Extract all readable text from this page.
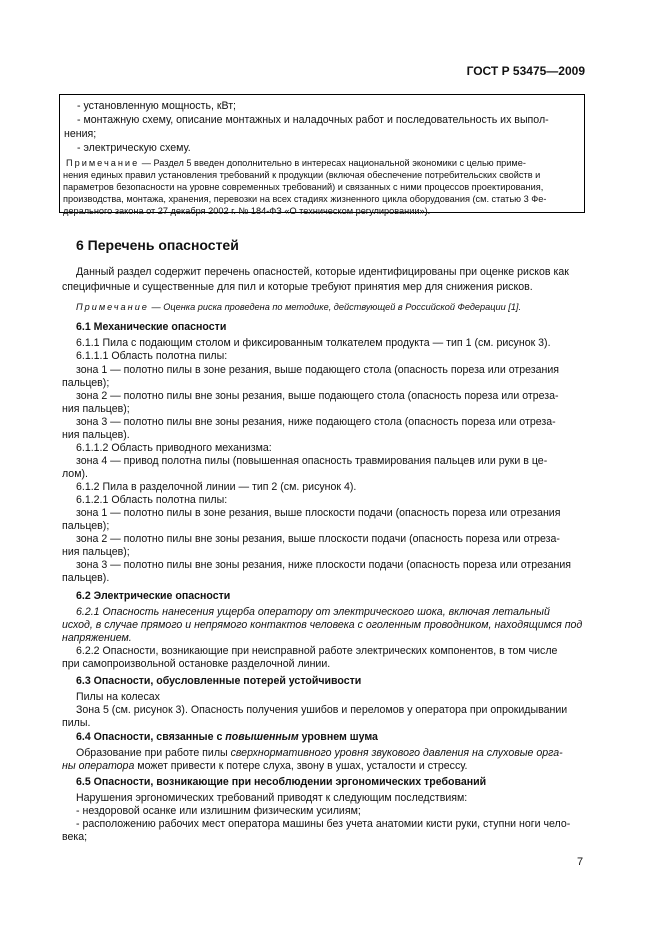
ГОСТ Р 53475—2009
- установленную мощность, кВт;
- монтажную схему, описание монтажных и наладочных работ и последовательность их выпол-
нения;
- электрическую схему.
Примечание — Раздел 5 введен дополнительно в интересах национальной экономики с целью приме-
нения единых правил установления требований к продукции (включая обеспечение потребительских свойств и
параметров безопасности на уровне современных требований) и связанных с ними процессов проектирования,
производства, монтажа, хранения, перевозки на всех стадиях жизненного цикла оборудования (см. статью 3 Фе-
дерального закона от 27 декабря 2002 г. № 184-ФЗ «О техническом регулировании»).
6 Перечень опасностей
Данный раздел содержит перечень опасностей, которые идентифицированы при оценке рисков как
специфичные и существенные для пил и которые требуют принятия мер для снижения рисков.
Примечание — Оценка риска проведена по методике, действующей в Российской Федерации [1].
6.1 Механические опасности
6.1.1 Пила с подающим столом и фиксированным толкателем продукта — тип 1 (см. рисунок 3).
6.1.1.1 Область полотна пилы:
зона 1 — полотно пилы в зоне резания, выше подающего стола (опасность пореза или отрезания
пальцев);
зона 2 — полотно пилы вне зоны резания, выше подающего стола (опасность пореза или отреза-
ния пальцев);
зона 3 — полотно пилы вне зоны резания, ниже подающего стола (опасность пореза или отреза-
ния пальцев).
6.1.1.2 Область приводного механизма:
зона 4 — привод полотна пилы (повышенная опасность травмирования пальцев или руки в це-
лом).
6.1.2 Пила в разделочной линии — тип 2 (см. рисунок 4).
6.1.2.1 Область полотна пилы:
зона 1 — полотно пилы в зоне резания, выше плоскости подачи (опасность пореза или отрезания
пальцев);
зона 2 — полотно пилы вне зоны резания, выше плоскости подачи (опасность пореза или отреза-
ния пальцев);
зона 3 — полотно пилы вне зоны резания, ниже плоскости подачи (опасность пореза или отрезания
пальцев).
6.2 Электрические опасности
6.2.1 Опасность нанесения ущерба оператору от электрического шока, включая летальный
исход, в случае прямого и непрямого контактов человека с оголенным проводником, находящимся под
напряжением.
6.2.2 Опасности, возникающие при неисправной работе электрических компонентов, в том числе
при самопроизвольной остановке разделочной линии.
6.3 Опасности, обусловленные потерей устойчивости
Пилы на колесах
Зона 5 (см. рисунок 3). Опасность получения ушибов и переломов у оператора при опрокидывании
пилы.
6.4 Опасности, связанные с повышенным уровнем шума
Образование при работе пилы сверхнормативного уровня звукового давления на слуховые орга-
ны оператора может привести к потере слуха, звону в ушах, усталости и стрессу.
6.5 Опасности, возникающие при несоблюдении эргономических требований
Нарушения эргономических требований приводят к следующим последствиям:
- нездоровой осанке или излишним физическим усилиям;
- расположению рабочих мест оператора машины без учета анатомии кисти руки, ступни ноги чело-
века;
7
